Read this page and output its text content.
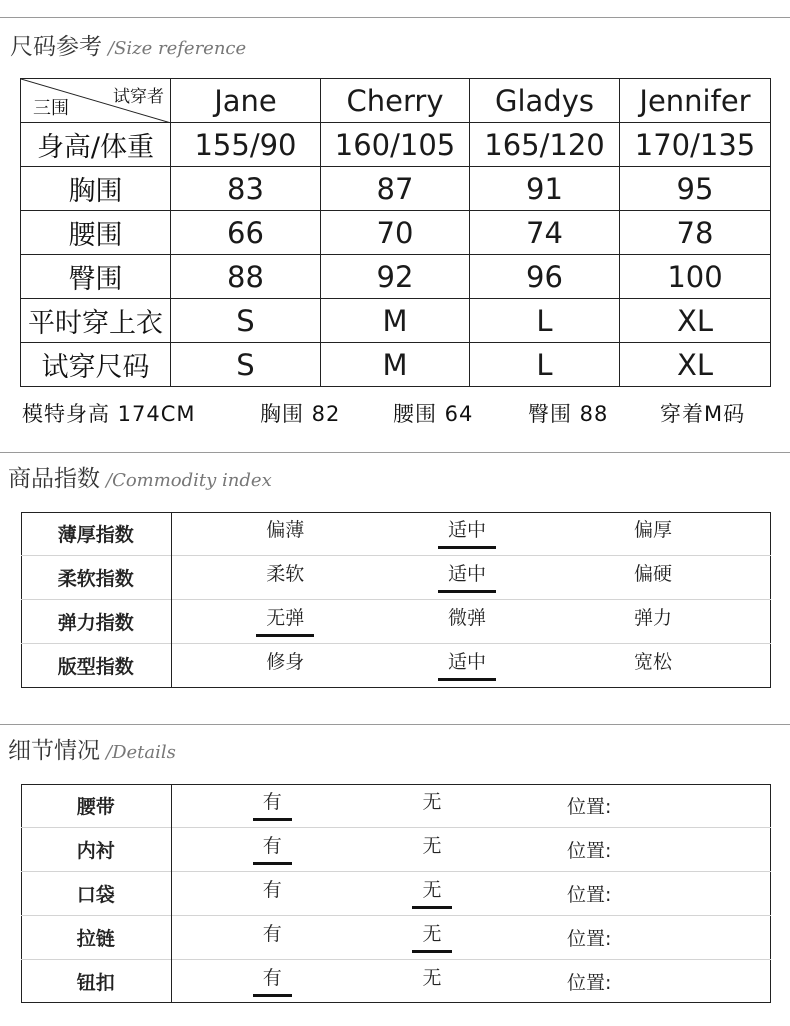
尺码参考 /Size reference
试穿者
三围	Jane	Cherry	Gladys	Jennifer
身高/体重	155/90	160/105	165/120	170/135
胸围	83	87	91	95
腰围	66	70	74	78
臀围	88	92	96	100
平时穿上衣	S	M	L	XL
试穿尺码	S	M	L	XL
模特身高 174CM	胸围 82	腰围 64	臀围 88 穿着M码
商品指数 /Commodity index
薄厚指数	偏薄	适中	偏厚
柔软指数	柔软	适中	偏硬
弹力指数	无弹	微弹	弹力
版型指数	修身	适中	宽松
细节情况 /Details
腰带	有	无	位置:
内衬	有	无	位置:
口袋	有	无	位置:
拉链	有	无	位置:
钮扣	有	无	位置:
